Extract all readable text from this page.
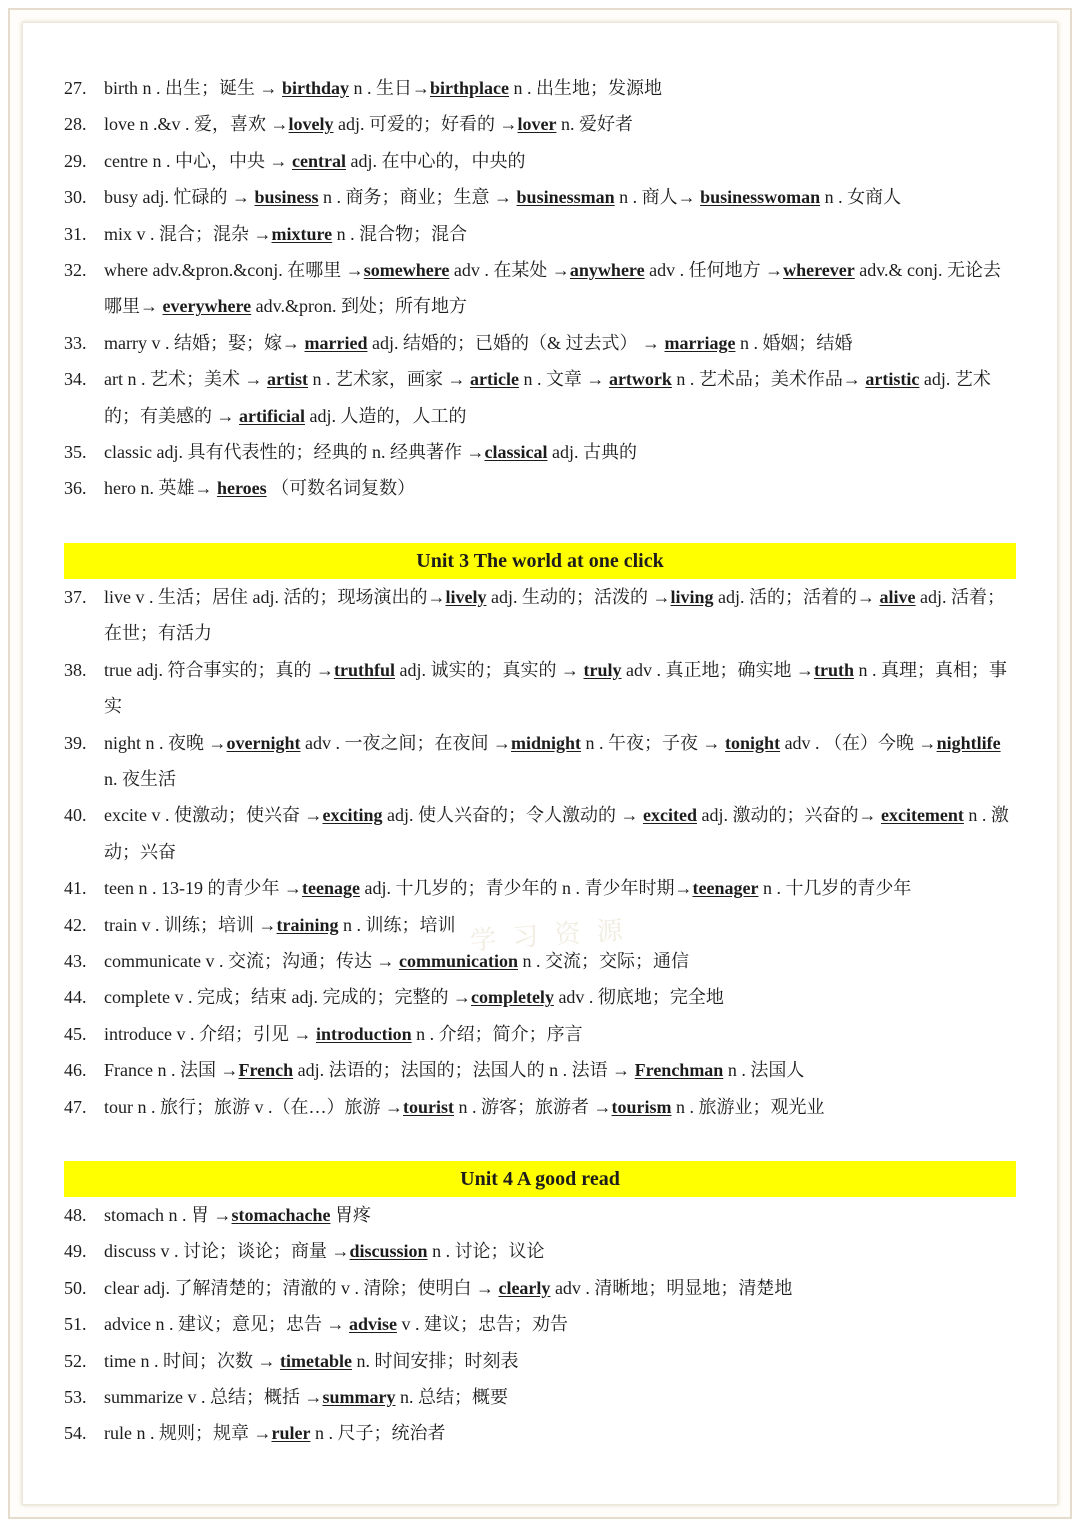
学 习 资 源
27. birth n . 出生；诞生 → birthday n . 生日→birthplace n . 出生地；发源地
28. love n .&v . 爱，喜欢 →lovely adj. 可爱的；好看的 →lover n. 爱好者
29. centre n . 中心，中央 → central adj. 在中心的，中央的
30. busy adj. 忙碌的 → business n . 商务；商业；生意 → businessman n . 商人→ businesswoman n . 女商人
31. mix v . 混合；混杂 →mixture n . 混合物；混合
32. where adv.&pron.&conj. 在哪里 →somewhere adv . 在某处 →anywhere adv . 任何地方 →wherever adv.& conj. 无论去哪里→ everywhere adv.&pron. 到处；所有地方
33. marry v . 结婚；娶；嫁→ married adj. 结婚的；已婚的（& 过去式） → marriage n . 婚姻；结婚
34. art n . 艺术；美术 → artist n . 艺术家，画家 → article n . 文章 → artwork n . 艺术品；美术作品→ artistic adj. 艺术的；有美感的 → artificial adj. 人造的，人工的
35. classic adj. 具有代表性的；经典的 n. 经典著作 →classical adj. 古典的
36. hero n. 英雄→ heroes （可数名词复数）
Unit 3 The world at one click
37. live v . 生活；居住 adj. 活的；现场演出的→lively adj. 生动的；活泼的 →living adj. 活的；活着的→ alive adj. 活着；在世；有活力
38. true adj. 符合事实的；真的 →truthful adj. 诚实的；真实的 → truly adv . 真正地；确实地 →truth n . 真理；真相；事实
39. night n . 夜晚 →overnight adv . 一夜之间；在夜间 →midnight n . 午夜；子夜 → tonight adv . （在）今晚 →nightlife n. 夜生活
40. excite v . 使激动；使兴奋 →exciting adj. 使人兴奋的；令人激动的 → excited adj. 激动的；兴奋的→ excitement n . 激动；兴奋
41. teen n . 13-19 的青少年 →teenage adj. 十几岁的；青少年的 n . 青少年时期→teenager n . 十几岁的青少年
42. train v . 训练；培训 →training n . 训练；培训
43. communicate v . 交流；沟通；传达 → communication n . 交流；交际；通信
44. complete v . 完成；结束 adj. 完成的；完整的 →completely adv . 彻底地；完全地
45. introduce v . 介绍；引见 → introduction n . 介绍；简介；序言
46. France n . 法国 →French adj. 法语的；法国的；法国人的 n . 法语 → Frenchman n . 法国人
47. tour n . 旅行；旅游 v .（在…）旅游 →tourist n . 游客；旅游者 →tourism n . 旅游业；观光业
Unit 4 A good read
48. stomach n . 胃 →stomachache 胃疼
49. discuss v . 讨论；谈论；商量 →discussion n . 讨论；议论
50. clear adj. 了解清楚的；清澈的 v . 清除；使明白 → clearly adv . 清晰地；明显地；清楚地
51. advice n . 建议；意见；忠告 → advise v . 建议；忠告；劝告
52. time n . 时间；次数 → timetable n. 时间安排；时刻表
53. summarize v . 总结；概括 →summary n. 总结；概要
54. rule n . 规则；规章 →ruler n . 尺子；统治者
